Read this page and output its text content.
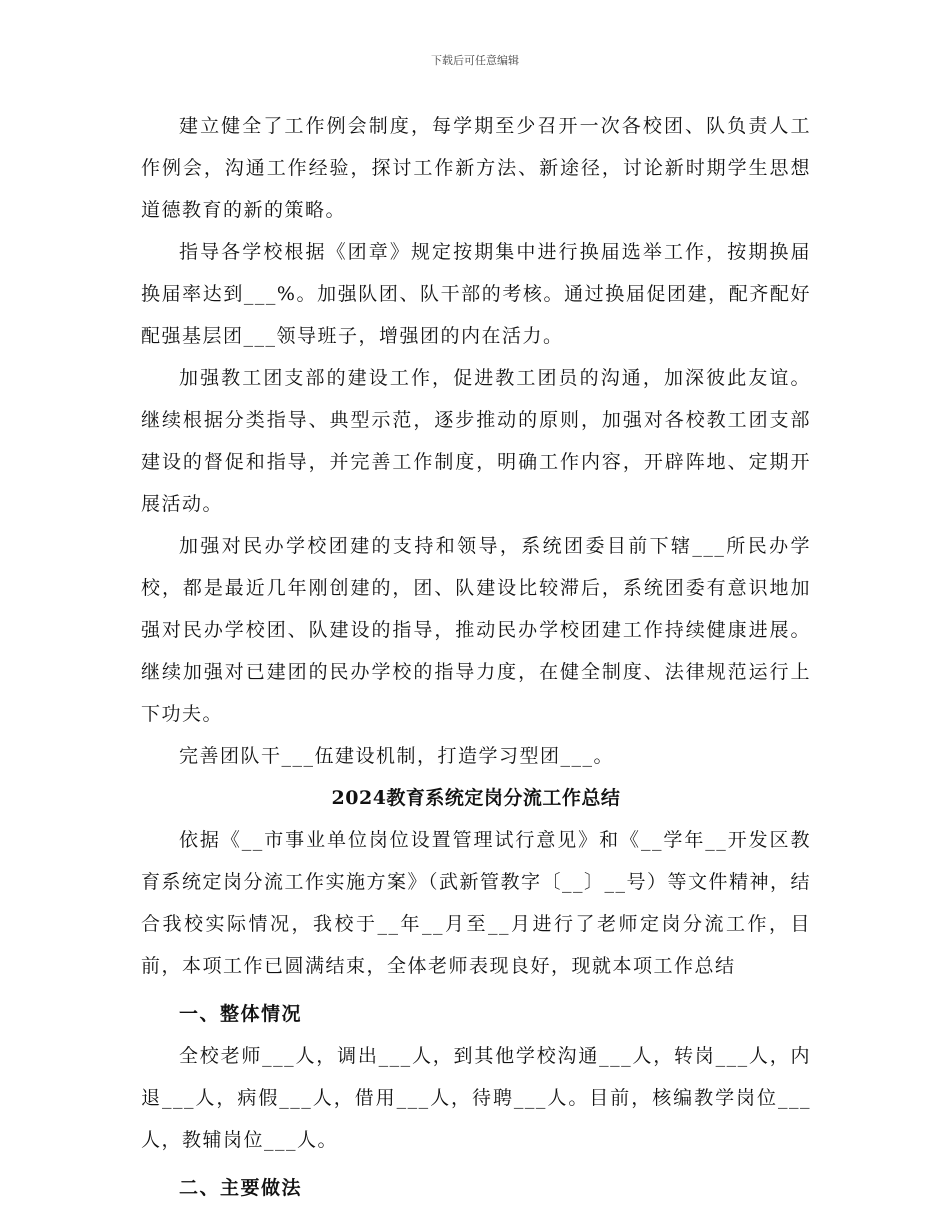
下载后可任意编辑

建立健全了工作例会制度，每学期至少召开一次各校团、队负责人工作例会，沟通工作经验，探讨工作新方法、新途径，讨论新时期学生思想道德教育的新的策略。

指导各学校根据《团章》规定按期集中进行换届选举工作，按期换届换届率达到___%。加强队团、队干部的考核。通过换届促团建，配齐配好配强基层团___领导班子，增强团的内在活力。

加强教工团支部的建设工作，促进教工团员的沟通，加深彼此友谊。继续根据分类指导、典型示范，逐步推动的原则，加强对各校教工团支部建设的督促和指导，并完善工作制度，明确工作内容，开辟阵地、定期开展活动。

加强对民办学校团建的支持和领导，系统团委目前下辖___所民办学校，都是最近几年刚创建的，团、队建设比较滞后，系统团委有意识地加强对民办学校团、队建设的指导，推动民办学校团建工作持续健康进展。继续加强对已建团的民办学校的指导力度，在健全制度、法律规范运行上下功夫。

完善团队干___伍建设机制，打造学习型团___。

2024教育系统定岗分流工作总结

依据《__市事业单位岗位设置管理试行意见》和《__学年__开发区教育系统定岗分流工作实施方案》（武新管教字〔__〕__号）等文件精神，结合我校实际情况，我校于__年__月至__月进行了老师定岗分流工作，目前，本项工作已圆满结束，全体老师表现良好，现就本项工作总结

一、整体情况

全校老师___人，调出___人，到其他学校沟通___人，转岗___人，内退___人，病假___人，借用___人，待聘___人。目前，核编教学岗位___人，教辅岗位___人。

二、主要做法
